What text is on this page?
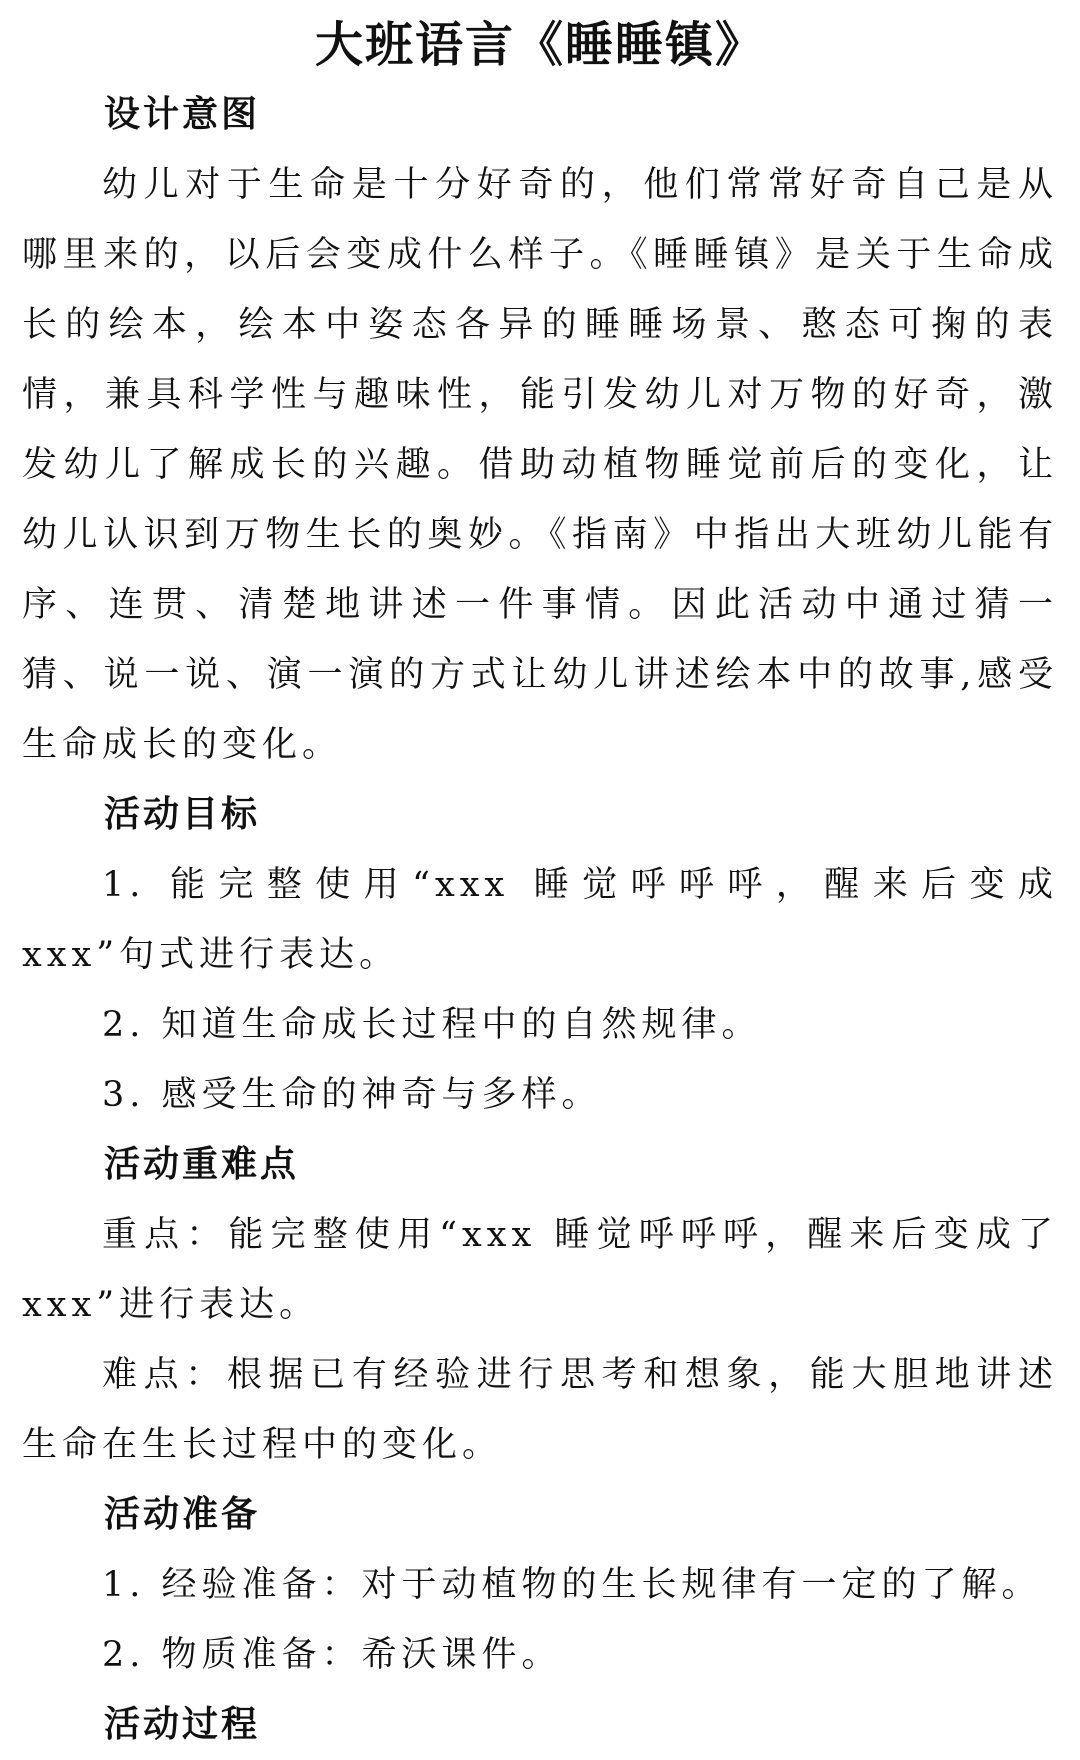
大班语言《睡睡镇》
设计意图

幼儿对于生命是十分好奇的，他们常常好奇自己是从哪里来的，以后会变成什么样子。《睡睡镇》是关于生命成长的绘本，绘本中姿态各异的睡睡场景、憨态可掬的表情，兼具科学性与趣味性，能引发幼儿对万物的好奇，激发幼儿了解成长的兴趣。借助动植物睡觉前后的变化，让幼儿认识到万物生长的奥妙。《指南》中指出大班幼儿能有序、连贯、清楚地讲述一件事情。因此活动中通过猜一猜、说一说、演一演的方式让幼儿讲述绘本中的故事,感受生命成长的变化。

活动目标

1. 能完整使用“xxx 睡觉呼呼呼，醒来后变成 xxx”句式进行表达。

2. 知道生命成长过程中的自然规律。

3. 感受生命的神奇与多样。

活动重难点

重点：能完整使用“xxx 睡觉呼呼呼，醒来后变成了 xxx”进行表达。

难点：根据已有经验进行思考和想象，能大胆地讲述生命在生长过程中的变化。

活动准备

1. 经验准备：对于动植物的生长规律有一定的了解。

2. 物质准备：希沃课件。

活动过程
